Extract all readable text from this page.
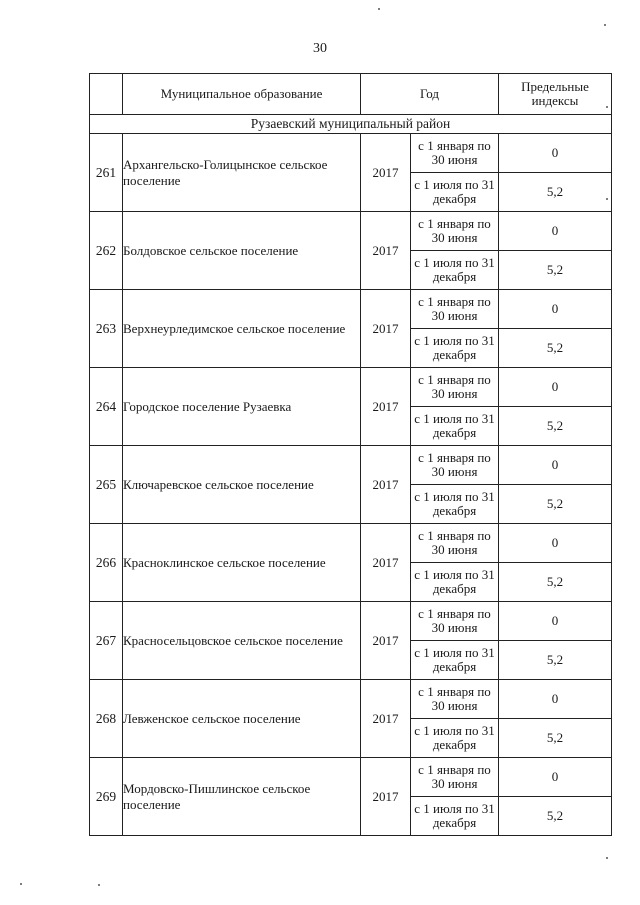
30
	Муниципальное образование	Год		Предельные индексы
Рузаевский муниципальный район				
261	Архангельско-Голицынское сельское поселение	2017	с 1 января по 30 июня	0
			с 1 июля по 31 декабря	5,2
262	Болдовское сельское поселение	2017	с 1 января по 30 июня	0
			с 1 июля по 31 декабря	5,2
263	Верхнеурледимское сельское поселение	2017	с 1 января по 30 июня	0
			с 1 июля по 31 декабря	5,2
264	Городское поселение Рузаевка	2017	с 1 января по 30 июня	0
			с 1 июля по 31 декабря	5,2
265	Ключаревское сельское поселение	2017	с 1 января по 30 июня	0
			с 1 июля по 31 декабря	5,2
266	Красноклинское сельское поселение	2017	с 1 января по 30 июня	0
			с 1 июля по 31 декабря	5,2
267	Красносельцовское сельское поселение	2017	с 1 января по 30 июня	0
			с 1 июля по 31 декабря	5,2
268	Левженское сельское поселение	2017	с 1 января по 30 июня	0
			с 1 июля по 31 декабря	5,2
269	Мордовско-Пишлинское сельское поселение	2017	с 1 января по 30 июня	0
			с 1 июля по 31 декабря	5,2
